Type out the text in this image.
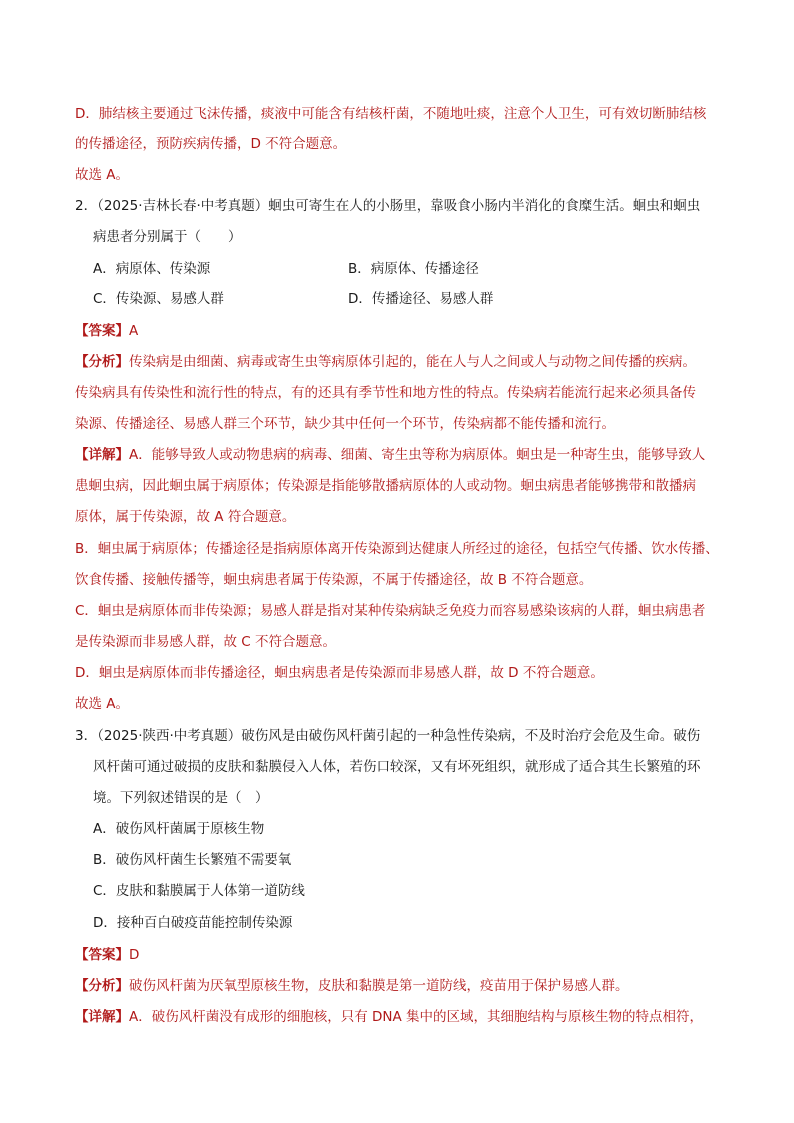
D．肺结核主要通过飞沫传播，痰液中可能含有结核杆菌，不随地吐痰，注意个人卫生，可有效切断肺结核
的传播途径，预防疾病传播，D 不符合题意。
故选 A。
2．（2025·吉林长春·中考真题）蛔虫可寄生在人的小肠里，靠吸食小肠内半消化的食糜生活。蛔虫和蛔虫
病患者分别属于（　　）
A．病原体、传染源	B．病原体、传播途径
C．传染源、易感人群	D．传播途径、易感人群
【答案】A
【分析】传染病是由细菌、病毒或寄生虫等病原体引起的，能在人与人之间或人与动物之间传播的疾病。
传染病具有传染性和流行性的特点，有的还具有季节性和地方性的特点。传染病若能流行起来必须具备传
染源、传播途径、易感人群三个环节，缺少其中任何一个环节，传染病都不能传播和流行。
【详解】A．能够导致人或动物患病的病毒、细菌、寄生虫等称为病原体。蛔虫是一种寄生虫，能够导致人
患蛔虫病，因此蛔虫属于病原体；传染源是指能够散播病原体的人或动物。蛔虫病患者能够携带和散播病
原体，属于传染源，故 A 符合题意。
B．蛔虫属于病原体；传播途径是指病原体离开传染源到达健康人所经过的途径，包括空气传播、饮水传播、
饮食传播、接触传播等，蛔虫病患者属于传染源，不属于传播途径，故 B 不符合题意。
C．蛔虫是病原体而非传染源；易感人群是指对某种传染病缺乏免疫力而容易感染该病的人群，蛔虫病患者
是传染源而非易感人群，故 C 不符合题意。
D．蛔虫是病原体而非传播途径，蛔虫病患者是传染源而非易感人群，故 D 不符合题意。
故选 A。
3．（2025·陕西·中考真题）破伤风是由破伤风杆菌引起的一种急性传染病，不及时治疗会危及生命。破伤
风杆菌可通过破损的皮肤和黏膜侵入人体，若伤口较深，又有坏死组织，就形成了适合其生长繁殖的环
境。下列叙述错误的是（　）
A．破伤风杆菌属于原核生物
B．破伤风杆菌生长繁殖不需要氧
C．皮肤和黏膜属于人体第一道防线
D．接种百白破疫苗能控制传染源
【答案】D
【分析】破伤风杆菌为厌氧型原核生物，皮肤和黏膜是第一道防线，疫苗用于保护易感人群。
【详解】A．破伤风杆菌没有成形的细胞核，只有 DNA 集中的区域，其细胞结构与原核生物的特点相符，
